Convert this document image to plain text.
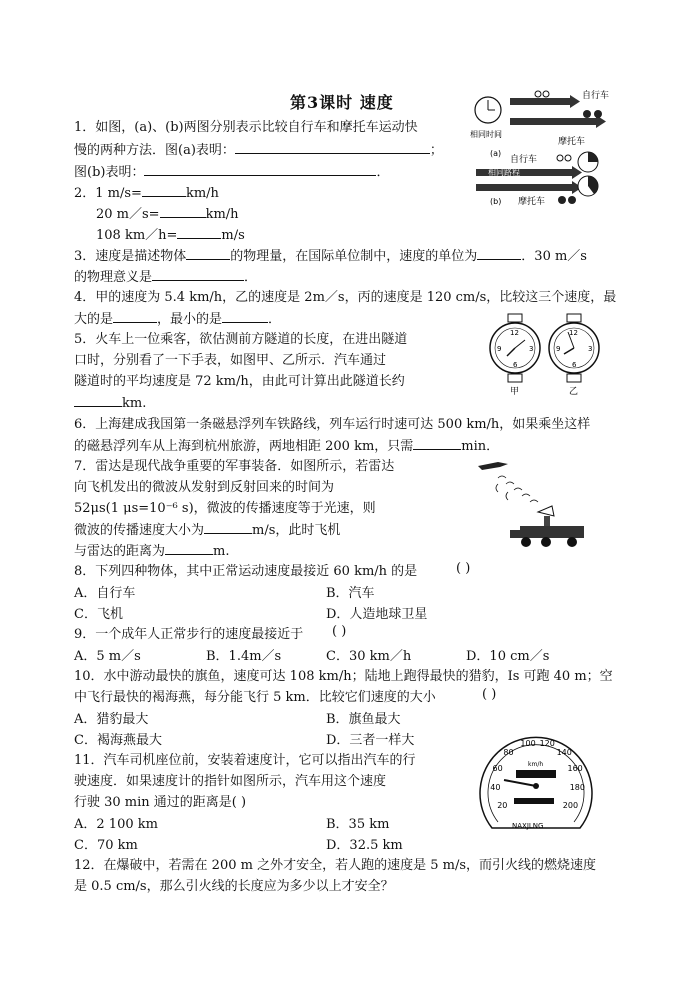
第3课时 速度
1．如图，(a)、(b)两图分别表示比较自行车和摩托车运动快
慢的两种方法．图(a)表明：	；
图(b)表明：	．
2．1 m/s=	km/h
20 m／s=	km/h
108 km／h=	m/s
3．速度是描述物体	的物理量，在国际单位制中，速度的单位为	．30 m／s
的物理意义是	．
4．甲的速度为 5.4 km/h，乙的速度是 2m／s，丙的速度是 120 cm/s，比较这三个速度，最
大的是	，最小的是	．
5．火车上一位乘客，欲估测前方隧道的长度，在进出隧道
口时，分别看了一下手表，如图甲、乙所示．汽车通过
隧道时的平均速度是 72 km/h，由此可计算出此隧道长约
km.
6．上海建成我国第一条磁悬浮列车铁路线，列车运行时速可达 500 km/h，如果乘坐这样
的磁悬浮列车从上海到杭州旅游，两地相距 200 km，只需	min．
7．雷达是现代战争重要的军事装备．如图所示，若雷达
向飞机发出的微波从发射到反射回来的时间为
52μs(1 μs=10⁻⁶ s)，微波的传播速度等于光速，则
微波的传播速度大小为	m/s，此时飞机
与雷达的距离为	m.
8．下列四种物体，其中正常运动速度最接近 60 km/h 的是	( )
A．自行车	B．汽车
C．飞机	D．人造地球卫星
9．一个成年人正常步行的速度最接近于 ( )
A．5 m／s	B．1.4m／s	C．30 km／h	D．10 cm／s
10．水中游动最快的旗鱼，速度可达 108 km/h；陆地上跑得最快的猎豹，Is 可跑 40 m；空
中飞行最快的褐海燕，每分能飞行 5 km．比较它们速度的大小	( )
A．猎豹最大	B．旗鱼最大
C．褐海燕最大	D．三者一样大
11．汽车司机座位前，安装着速度计，它可以指出汽车的行
驶速度．如果速度计的指针如图所示，汽车用这个速度
行驶 30 min 通过的距离是( )
A．2 100 km	B．35 km
C．70 km	D．32.5 km
12．在爆破中，若需在 200 m 之外才安全，若人跑的速度是 5 m/s，而引火线的燃烧速度
是 0.5 cm/s，那么引火线的长度应为多少以上才安全？
相同时间
(a)
自行车
摩托车
自行车
相同路程
(b) 摩托车
12
3
6
9
12
3
6
9
甲	乙
20
40
60
80
100 120
140
160
180
200
km/h
NAXJLNG
